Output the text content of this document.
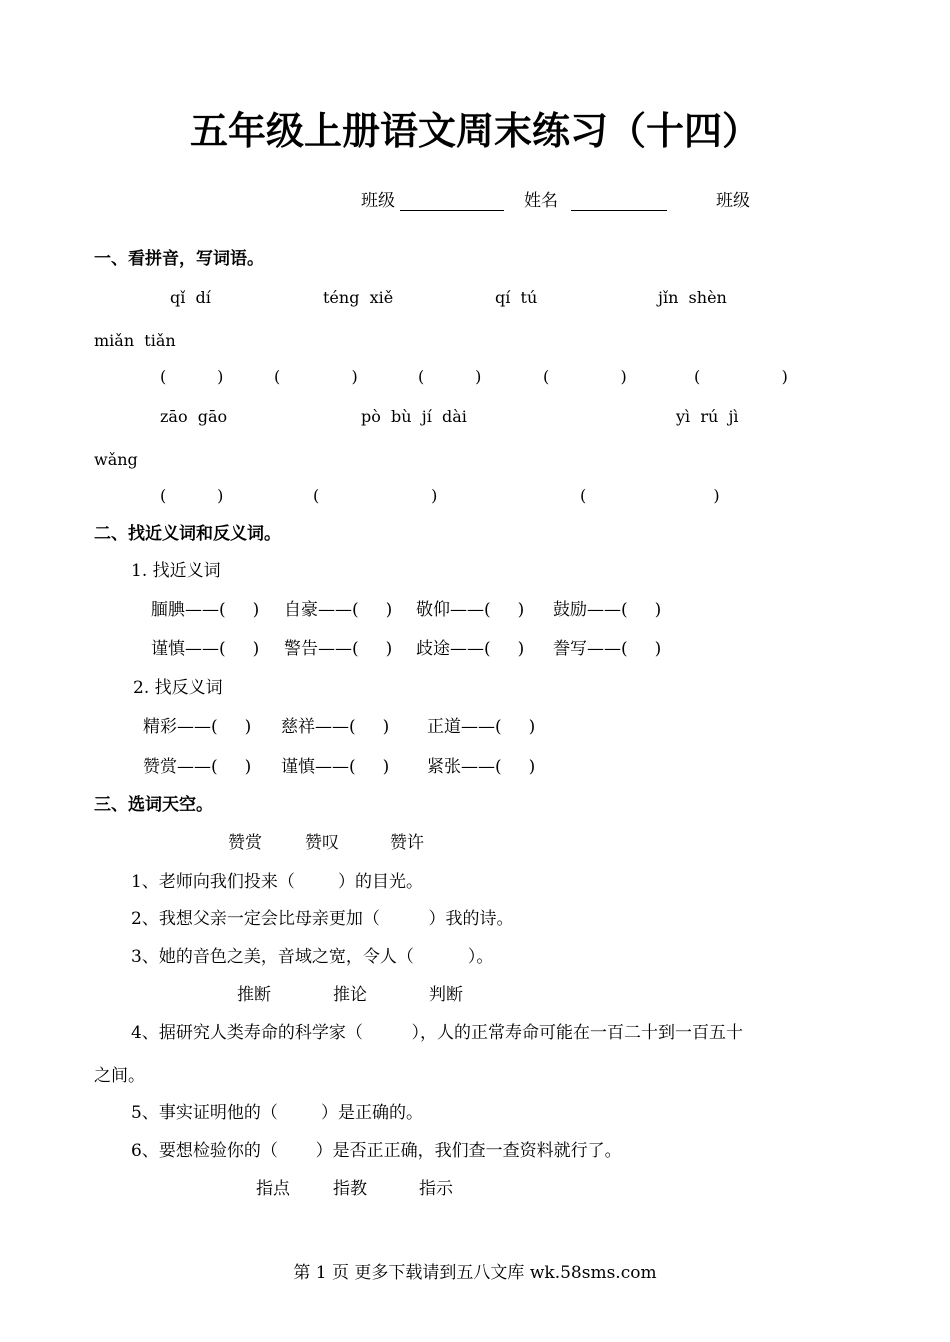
五年级上册语文周末练习（十四）
班级	姓名	班级
一、看拼音，写词语。
qǐ  dí	téng  xiě	qí  tú	jǐn  shèn
miǎn  tiǎn
(          )	(              )	(          )	(              )	(                )
zāo  gāo	pò  bù  jí  dài	yì  rú  jì
wǎng
(          )	(                      )	(                         )
二、找近义词和反义词。
1. 找近义词
腼腆——(     ) 自豪——(     ) 敬仰——(     ) 鼓励——(     )
谨慎——(     ) 警告——(     ) 歧途——(     ) 誊写——(     )
2. 找反义词
精彩——(     ) 慈祥——(     ) 正道——(     )
赞赏——(     ) 谨慎——(     ) 紧张——(     )
三、选词天空。
赞赏	赞叹	赞许
1、老师向我们投来（        ）的目光。
2、我想父亲一定会比母亲更加（         ）我的诗。
3、她的音色之美，音域之宽，令人（          ）。
推断	推论	判断
4、据研究人类寿命的科学家（         ），人的正常寿命可能在一百二十到一百五十
之间。
5、事实证明他的（        ）是正确的。
6、要想检验你的（       ）是否正正确，我们查一查资料就行了。
指点	指教	指示
第 1 页 更多下载请到五八文库 wk.58sms.com
